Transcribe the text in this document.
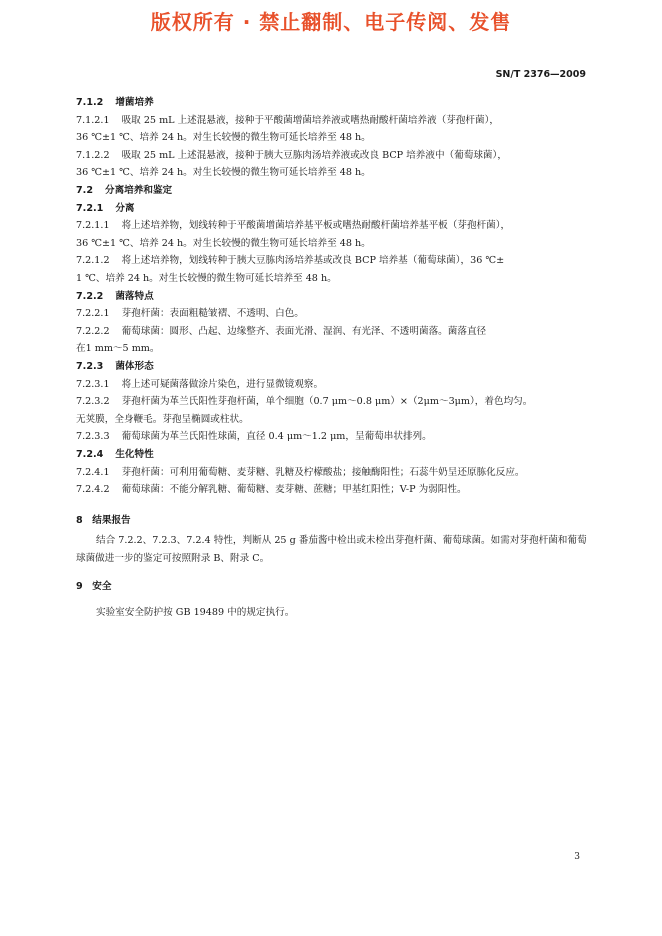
版权所有 · 禁止翻制、电子传阅、发售
SN/T 2376—2009
7.1.2 增菌培养
7.1.2.1 吸取 25 mL 上述混悬液，接种于平酸菌增菌培养液或嗜热耐酸杆菌培养液（芽孢杆菌），
36 ℃±1 ℃、培养 24 h。对生长较慢的微生物可延长培养至 48 h。
7.1.2.2 吸取 25 mL 上述混悬液，接种于胰大豆胨肉汤培养液或改良 BCP 培养液中（葡萄球菌），
36 ℃±1 ℃、培养 24 h。对生长较慢的微生物可延长培养至 48 h。
7.2 分离培养和鉴定
7.2.1 分离
7.2.1.1 将上述培养物，划线转种于平酸菌增菌培养基平板或嗜热耐酸杆菌培养基平板（芽孢杆菌），
36 ℃±1 ℃、培养 24 h。对生长较慢的微生物可延长培养至 48 h。
7.2.1.2 将上述培养物，划线转种于胰大豆胨肉汤培养基或改良 BCP 培养基（葡萄球菌），36 ℃±
1 ℃、培养 24 h。对生长较慢的微生物可延长培养至 48 h。
7.2.2 菌落特点
7.2.2.1 芽孢杆菌：表面粗糙皱褶、不透明、白色。
7.2.2.2 葡萄球菌：圆形、凸起、边缘整齐、表面光滑、湿润、有光泽、不透明菌落。菌落直径
在1 mm～5 mm。
7.2.3 菌体形态
7.2.3.1 将上述可疑菌落做涂片染色，进行显微镜观察。
7.2.3.2 芽孢杆菌为革兰氏阳性芽孢杆菌，单个细胞（0.7 μm～0.8 μm）×（2μm～3μm），着色均匀。
无荚膜，全身鞭毛。芽孢呈椭圆或柱状。
7.2.3.3 葡萄球菌为革兰氏阳性球菌，直径 0.4 μm～1.2 μm，呈葡萄串状排列。
7.2.4 生化特性
7.2.4.1 芽孢杆菌：可利用葡萄糖、麦芽糖、乳糖及柠檬酸盐；接触酶阳性；石蕊牛奶呈还原胨化反应。
7.2.4.2 葡萄球菌：不能分解乳糖、葡萄糖、麦芽糖、蔗糖；甲基红阳性；V-P 为弱阳性。
8　结果报告
结合 7.2.2、7.2.3、7.2.4 特性，判断从 25 g 番茄酱中检出或未检出芽孢杆菌、葡萄球菌。如需对芽孢杆菌和葡萄球菌做进一步的鉴定可按照附录 B、附录 C。
9　安全
实验室安全防护按 GB 19489 中的规定执行。
3
